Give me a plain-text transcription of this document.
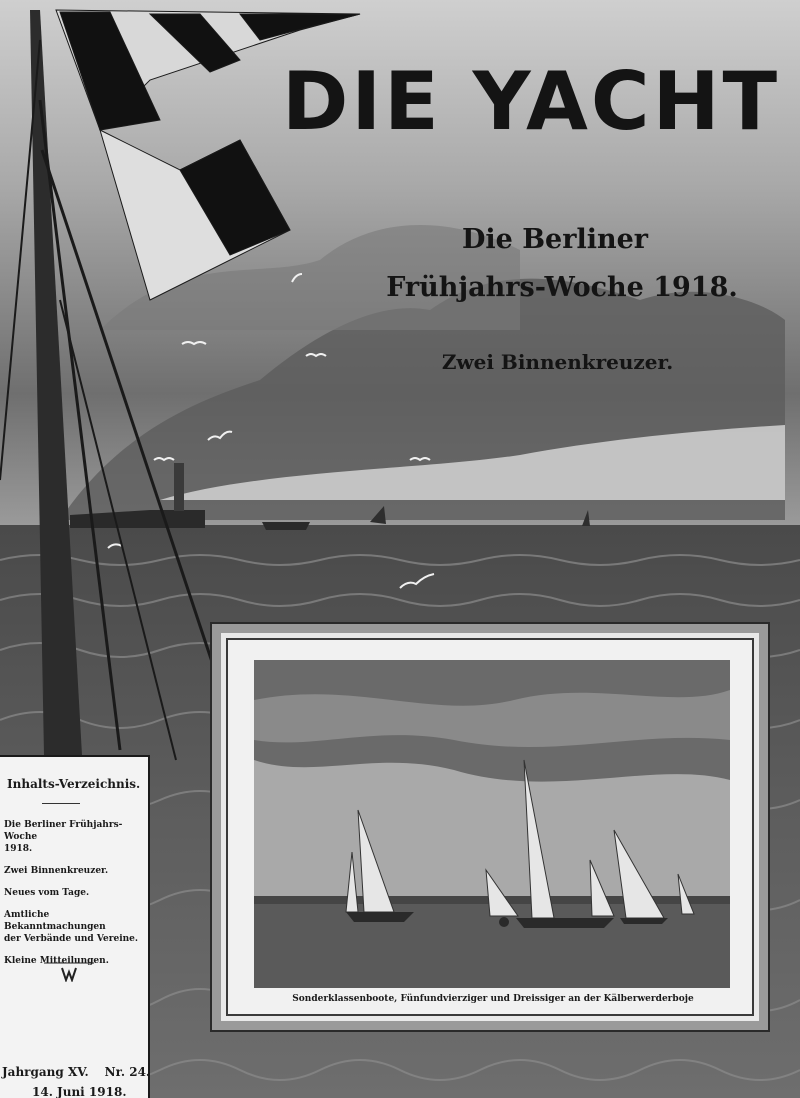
DIE YACHT
Die Berliner
Frühjahrs-Woche 1918.
Zwei Binnenkreuzer.

Sonderklassenboote, Fünfundvierziger und Dreissiger an der Kälberwerderboje

Inhalts-Verzeichnis.
Die Berliner Frühjahrs-Woche
1918.
Zwei Binnenkreuzer.
Neues vom Tage.
Amtliche Bekanntmachungen
der Verbände und Vereine.
Kleine Mitteilungen.

Jahrgang XV. Nr. 24.

14. Juni 1918.
